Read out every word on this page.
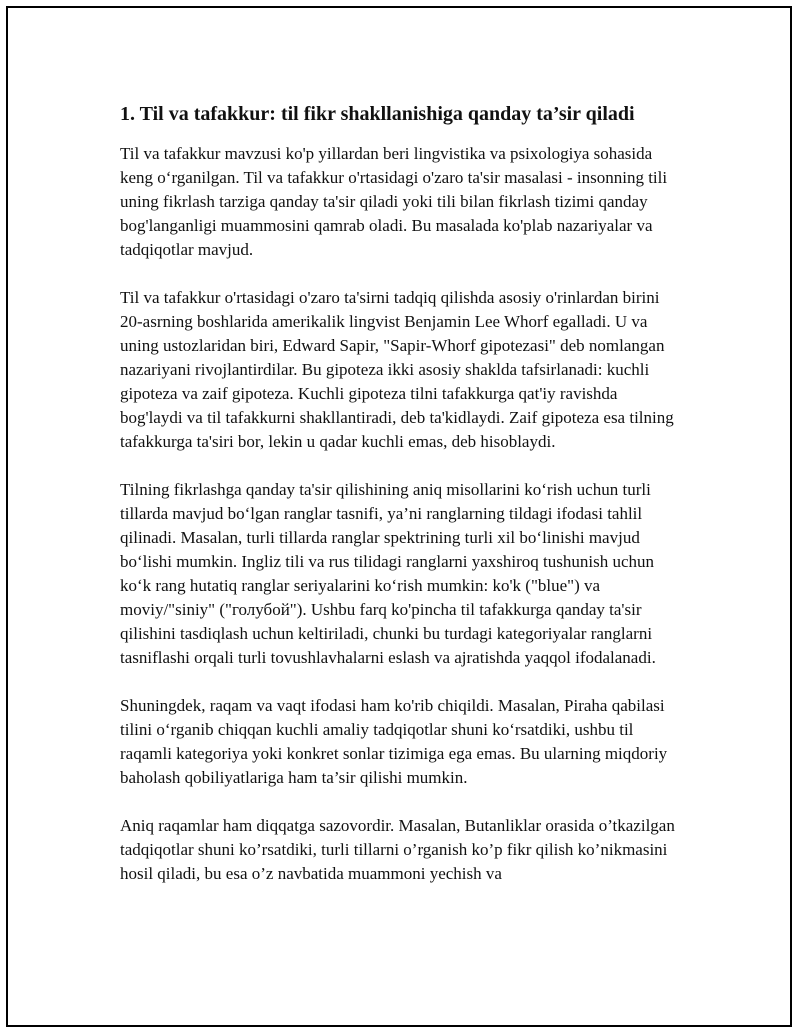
1. Til va tafakkur: til fikr shakllanishiga qanday ta’sir qiladi

Til va tafakkur mavzusi ko'p yillardan beri lingvistika va psixologiya sohasida keng o‘rganilgan. Til va tafakkur o'rtasidagi o'zaro ta'sir masalasi - insonning tili uning fikrlash tarziga qanday ta'sir qiladi yoki tili bilan fikrlash tizimi qanday bog'langanligi muammosini qamrab oladi. Bu masalada ko'plab nazariyalar va tadqiqotlar mavjud.

Til va tafakkur o'rtasidagi o'zaro ta'sirni tadqiq qilishda asosiy o'rinlardan birini 20-asrning boshlarida amerikalik lingvist Benjamin Lee Whorf egalladi. U va uning ustozlaridan biri, Edward Sapir, "Sapir-Whorf gipotezasi" deb nomlangan nazariyani rivojlantirdilar. Bu gipoteza ikki asosiy shaklda tafsirlanadi: kuchli gipoteza va zaif gipoteza. Kuchli gipoteza tilni tafakkurga qat'iy ravishda bog'laydi va til tafakkurni shakllantiradi, deb ta'kidlaydi. Zaif gipoteza esa tilning tafakkurga ta'siri bor, lekin u qadar kuchli emas, deb hisoblaydi.

Tilning fikrlashga qanday ta'sir qilishining aniq misollarini ko‘rish uchun turli tillarda mavjud bo‘lgan ranglar tasnifi, ya’ni ranglarning tildagi ifodasi tahlil qilinadi. Masalan, turli tillarda ranglar spektrining turli xil bo‘linishi mavjud bo‘lishi mumkin. Ingliz tili va rus tilidagi ranglarni yaxshiroq tushunish uchun ko‘k rang hutatiq ranglar seriyalarini ko‘rish mumkin: ko'k ("blue") va moviy/"siniy" ("голубой"). Ushbu farq ko'pincha til tafakkurga qanday ta'sir qilishini tasdiqlash uchun keltiriladi, chunki bu turdagi kategoriyalar ranglarni tasniflashi orqali turli tovushlavhalarni eslash va ajratishda yaqqol ifodalanadi.

Shuningdek, raqam va vaqt ifodasi ham ko'rib chiqildi. Masalan, Piraha qabilasi tilini o‘rganib chiqqan kuchli amaliy tadqiqotlar shuni ko‘rsatdiki, ushbu til raqamli kategoriya yoki konkret sonlar tizimiga ega emas. Bu ularning miqdoriy baholash qobiliyatlariga ham ta’sir qilishi mumkin.

Aniq raqamlar ham diqqatga sazovordir. Masalan, Butanliklar orasida o’tkazilgan tadqiqotlar shuni ko’rsatdiki, turli tillarni o’rganish ko’p fikr qilish ko’nikmasini hosil qiladi, bu esa o’z navbatida muammoni yechish va
